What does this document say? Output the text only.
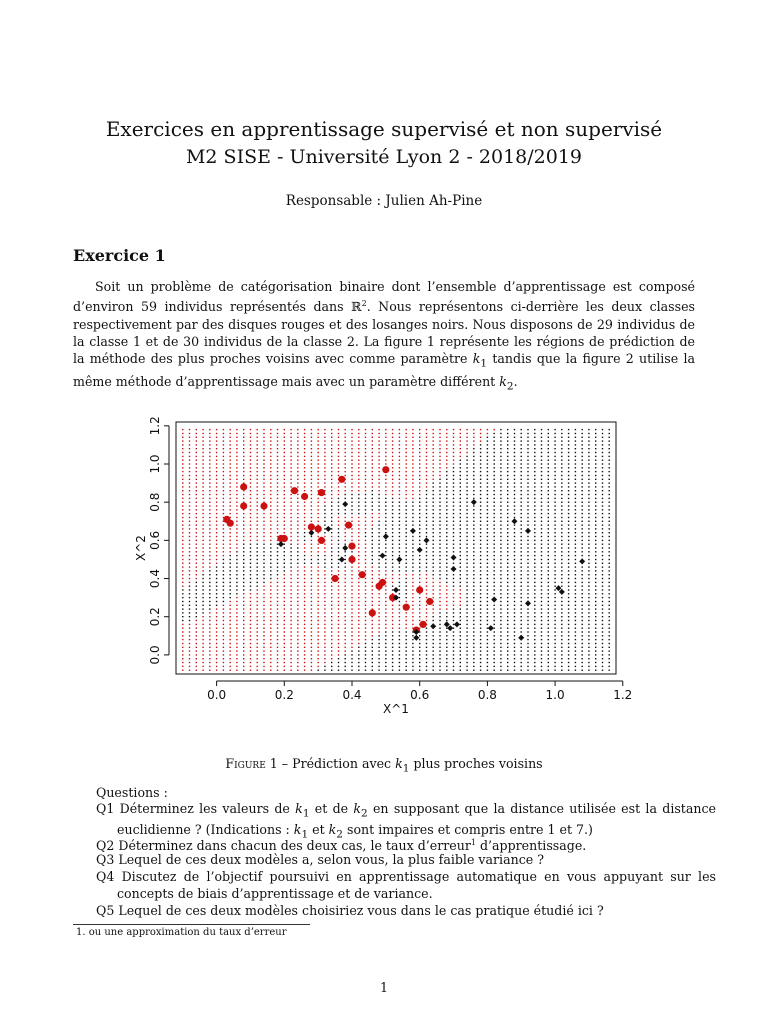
Exercices en apprentissage supervisé et non supervisé
M2 SISE - Université Lyon 2 - 2018/2019
Responsable : Julien Ah-Pine
Exercice 1
Soit un problème de catégorisation binaire dont l’ensemble d’apprentissage est composé d’environ 59 individus représentés dans ℝ$^2$. Nous représentons ci-derrière les deux classes respectivement par des disques rouges et des losanges noirs. Nous disposons de 29 individus de la classe 1 et de 30 individus de la classe 2. La figure 1 représente les régions de prédiction de la méthode des plus proches voisins avec comme paramètre $k_1$ tandis que la figure 2 utilise la même méthode d’apprentissage mais avec un paramètre différent $k_2$.
0.0	0.2	0.4	0.6	0.8	1.0	1.2
0.0
0.2
0.4
0.6
0.8
1.0
1.2
X^1
X^2
Figure 1 – Prédiction avec $k_1$ plus proches voisins
Questions :
Q1 Déterminez les valeurs de $k_1$ et de $k_2$ en supposant que la distance utilisée est la distance euclidienne ? (Indications : $k_1$ et $k_2$ sont impaires et compris entre 1 et 7.)
Q2 Déterminez dans chacun des deux cas, le taux d’erreur$^1$ d’apprentissage.
Q3 Lequel de ces deux modèles a, selon vous, la plus faible variance ?
Q4 Discutez de l’objectif poursuivi en apprentissage automatique en vous appuyant sur les concepts de biais d’apprentissage et de variance.
Q5 Lequel de ces deux modèles choisiriez vous dans le cas pratique étudié ici ?
1. ou une approximation du taux d’erreur
1
